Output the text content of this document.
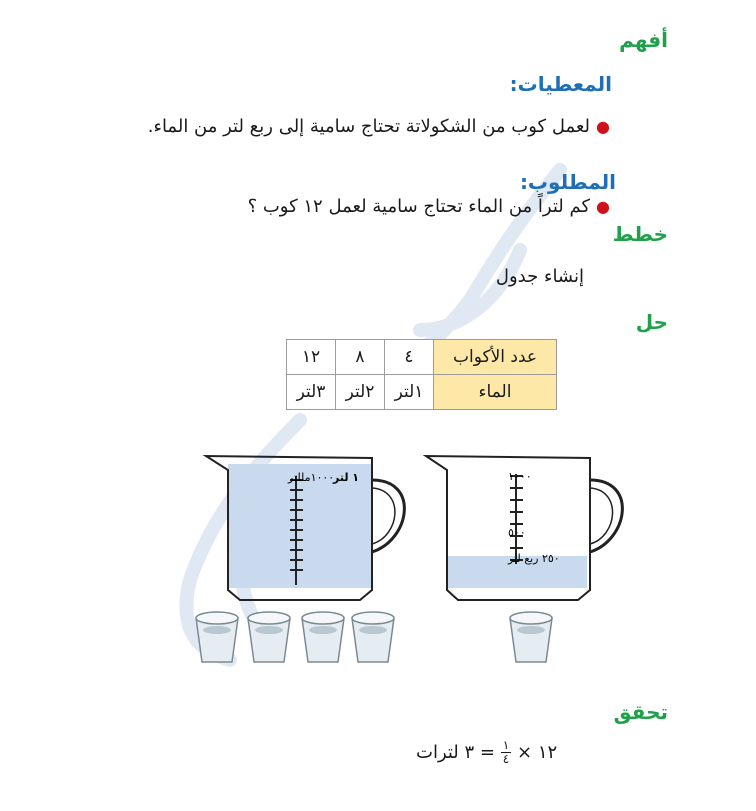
أفهم
المعطيات:
●
لعمل كوب من الشكولاتة تحتاج سامية إلى ربع لتر من الماء.
المطلوب:
●
كم لتراً من الماء تحتاج سامية لعمل ١٢ كوب ؟
خطط
إنشاء جدول
حل
عدد الأكواب	٤	٨	١٢
الماء	١لتر	٢لتر	٣لتر
١٠٠٠مللتر
١ لتر	١٠٠٠
٥٠٠
٢٥٠ ربع لتر
تحقق
١٢ ×
$\frac{١}{٤}$
= ٣ لترات
